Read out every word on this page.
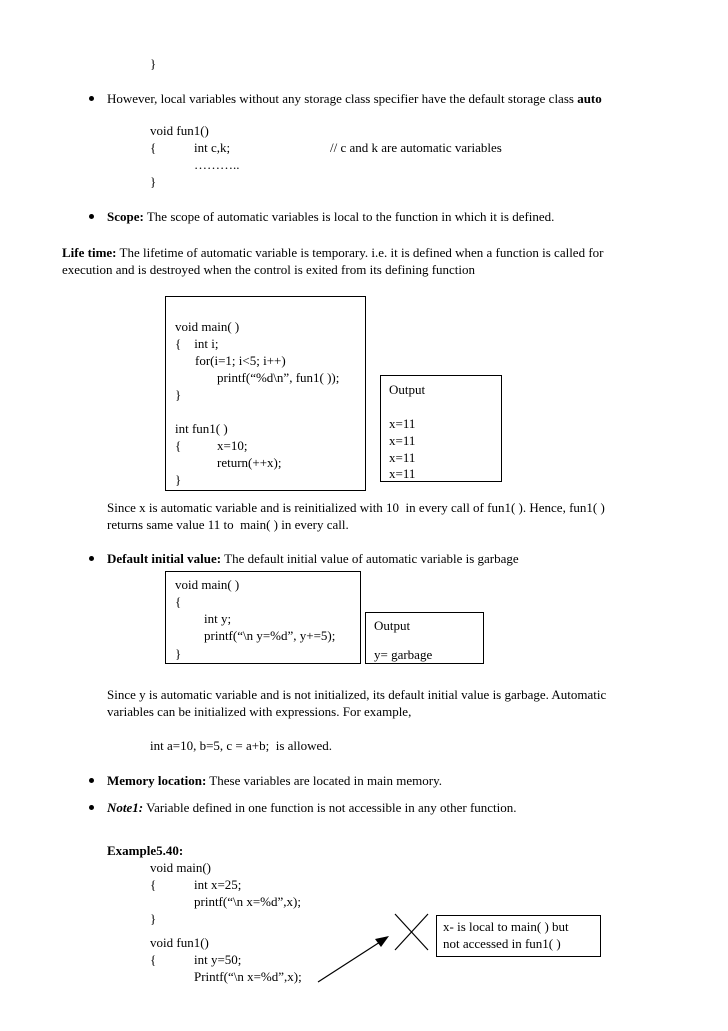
}
However, local variables without any storage class specifier have the default storage class auto
void fun1()
{	int c,k;	// c and k are automatic variables
………..
}
Scope: The scope of automatic variables is local to the function in which it is defined.
Life time: The lifetime of automatic variable is temporary. i.e. it is defined when a function is called for
execution and is destroyed when the control is exited from its defining function
void main( )
{    int i;
for(i=1; i<5; i++)
printf(“%d\n”, fun1( ));
}
int fun1( )
{	x=10;
return(++x);
}
Output
x=11
x=11
x=11
x=11
Since x is automatic variable and is reinitialized with 10  in every call of fun1( ). Hence, fun1( )
returns same value 11 to  main( ) in every call.
Default initial value: The default initial value of automatic variable is garbage
void main( )
{
int y;
printf(“\n y=%d”, y+=5);
}
Output
y= garbage
Since y is automatic variable and is not initialized, its default initial value is garbage. Automatic
variables can be initialized with expressions. For example,
int a=10, b=5, c = a+b;  is allowed.
Memory location: These variables are located in main memory.
Note1: Variable defined in one function is not accessible in any other function.
Example5.40:
void main()
{	int x=25;
printf(“\n x=%d”,x);
}
void fun1()
{	int y=50;
Printf(“\n x=%d”,x);
x- is local to main( ) but
not accessed in fun1( )
